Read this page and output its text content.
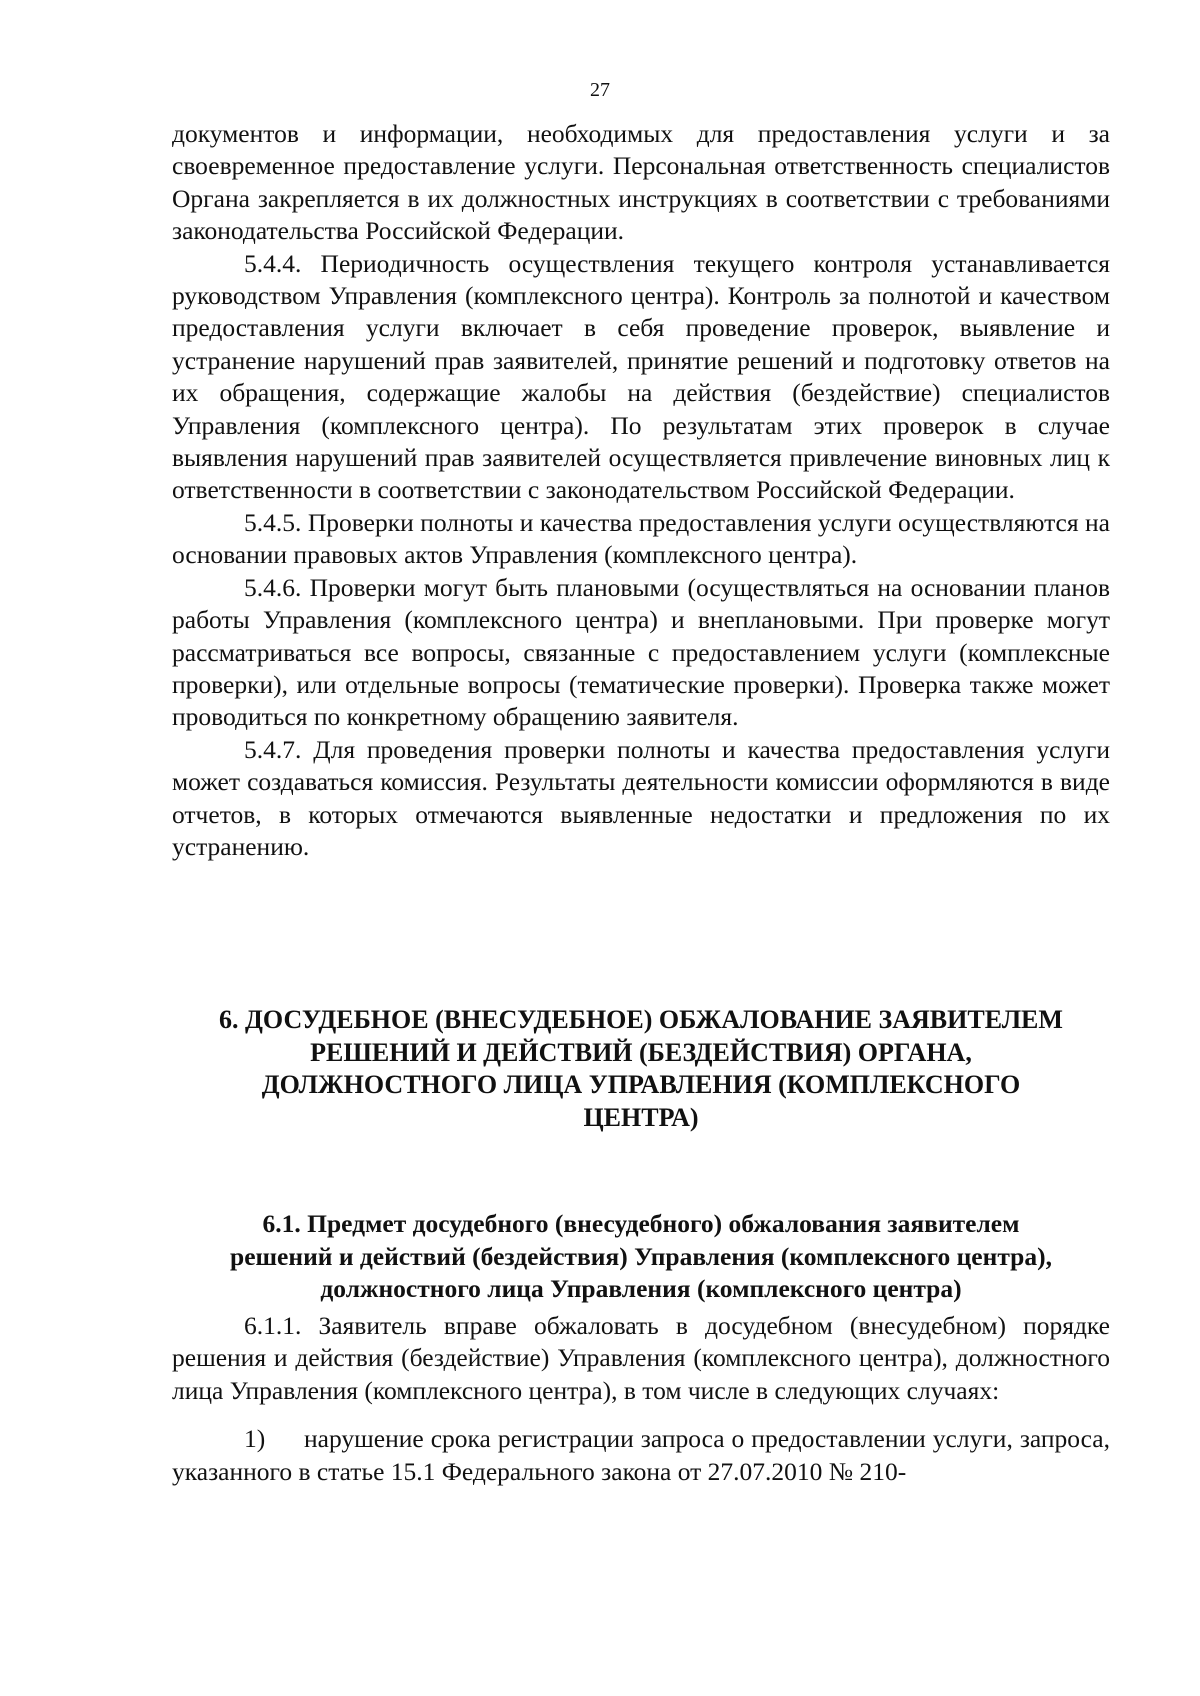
27

документов и информации, необходимых для предоставления услуги и за своевременное предоставление услуги. Персональная ответственность специалистов Органа закрепляется в их должностных инструкциях в соответствии с требованиями законодательства Российской Федерации.

5.4.4. Периодичность осуществления текущего контроля устанавливается руководством Управления (комплексного центра). Контроль за полнотой и качеством предоставления услуги включает в себя проведение проверок, выявление и устранение нарушений прав заявителей, принятие решений и подготовку ответов на их обращения, содержащие жалобы на действия (бездействие) специалистов Управления (комплексного центра). По результатам этих проверок в случае выявления нарушений прав заявителей осуществляется привлечение виновных лиц к ответственности в соответствии с законодательством Российской Федерации.

5.4.5. Проверки полноты и качества предоставления услуги осуществляются на основании правовых актов Управления (комплексного центра).

5.4.6. Проверки могут быть плановыми (осуществляться на основании планов работы Управления (комплексного центра) и внеплановыми. При проверке могут рассматриваться все вопросы, связанные с предоставлением услуги (комплексные проверки), или отдельные вопросы (тематические проверки). Проверка также может проводиться по конкретному обращению заявителя.

5.4.7. Для проведения проверки полноты и качества предоставления услуги может создаваться комиссия. Результаты деятельности комиссии оформляются в виде отчетов, в которых отмечаются выявленные недостатки и предложения по их устранению.

6. ДОСУДЕБНОЕ (ВНЕСУДЕБНОЕ) ОБЖАЛОВАНИЕ ЗАЯВИТЕЛЕМ
РЕШЕНИЙ И ДЕЙСТВИЙ (БЕЗДЕЙСТВИЯ) ОРГАНА,
ДОЛЖНОСТНОГО ЛИЦА УПРАВЛЕНИЯ (КОМПЛЕКСНОГО
ЦЕНТРА)
6.1. Предмет досудебного (внесудебного) обжалования заявителем
решений и действий (бездействия) Управления (комплексного центра),
должностного лица Управления (комплексного центра)

6.1.1. Заявитель вправе обжаловать в досудебном (внесудебном) порядке решения и действия (бездействие) Управления (комплексного центра), должностного лица Управления (комплексного центра), в том числе в следующих случаях:

1) нарушение срока регистрации запроса о предоставлении услуги, запроса, указанного в статье 15.1 Федерального закона от 27.07.2010 № 210-
